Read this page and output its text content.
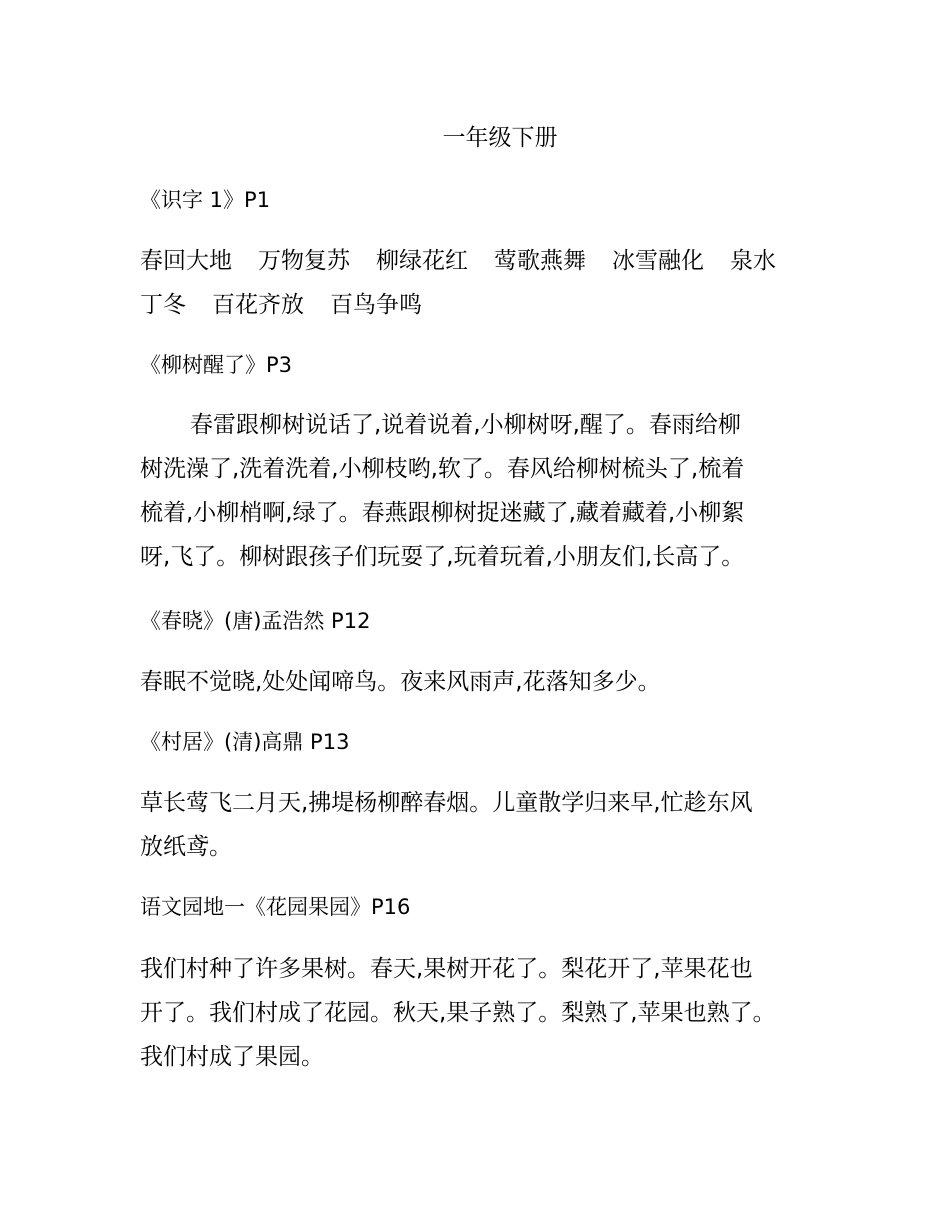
一年级下册
《识字 1》P1
春回大地 万物复苏 柳绿花红 莺歌燕舞 冰雪融化 泉水
丁冬 百花齐放 百鸟争鸣
《柳树醒了》P3
春雷跟柳树说话了,说着说着,小柳树呀,醒了。春雨给柳
树洗澡了,洗着洗着,小柳枝哟,软了。春风给柳树梳头了,梳着
梳着,小柳梢啊,绿了。春燕跟柳树捉迷藏了,藏着藏着,小柳絮
呀,飞了。柳树跟孩子们玩耍了,玩着玩着,小朋友们,长高了。
《春晓》(唐)孟浩然 P12
春眠不觉晓,处处闻啼鸟。夜来风雨声,花落知多少。
《村居》(清)高鼎 P13
草长莺飞二月天,拂堤杨柳醉春烟。儿童散学归来早,忙趁东风
放纸鸢。
语文园地一《花园果园》P16
我们村种了许多果树。春天,果树开花了。梨花开了,苹果花也
开了。我们村成了花园。秋天,果子熟了。梨熟了,苹果也熟了。
我们村成了果园。
